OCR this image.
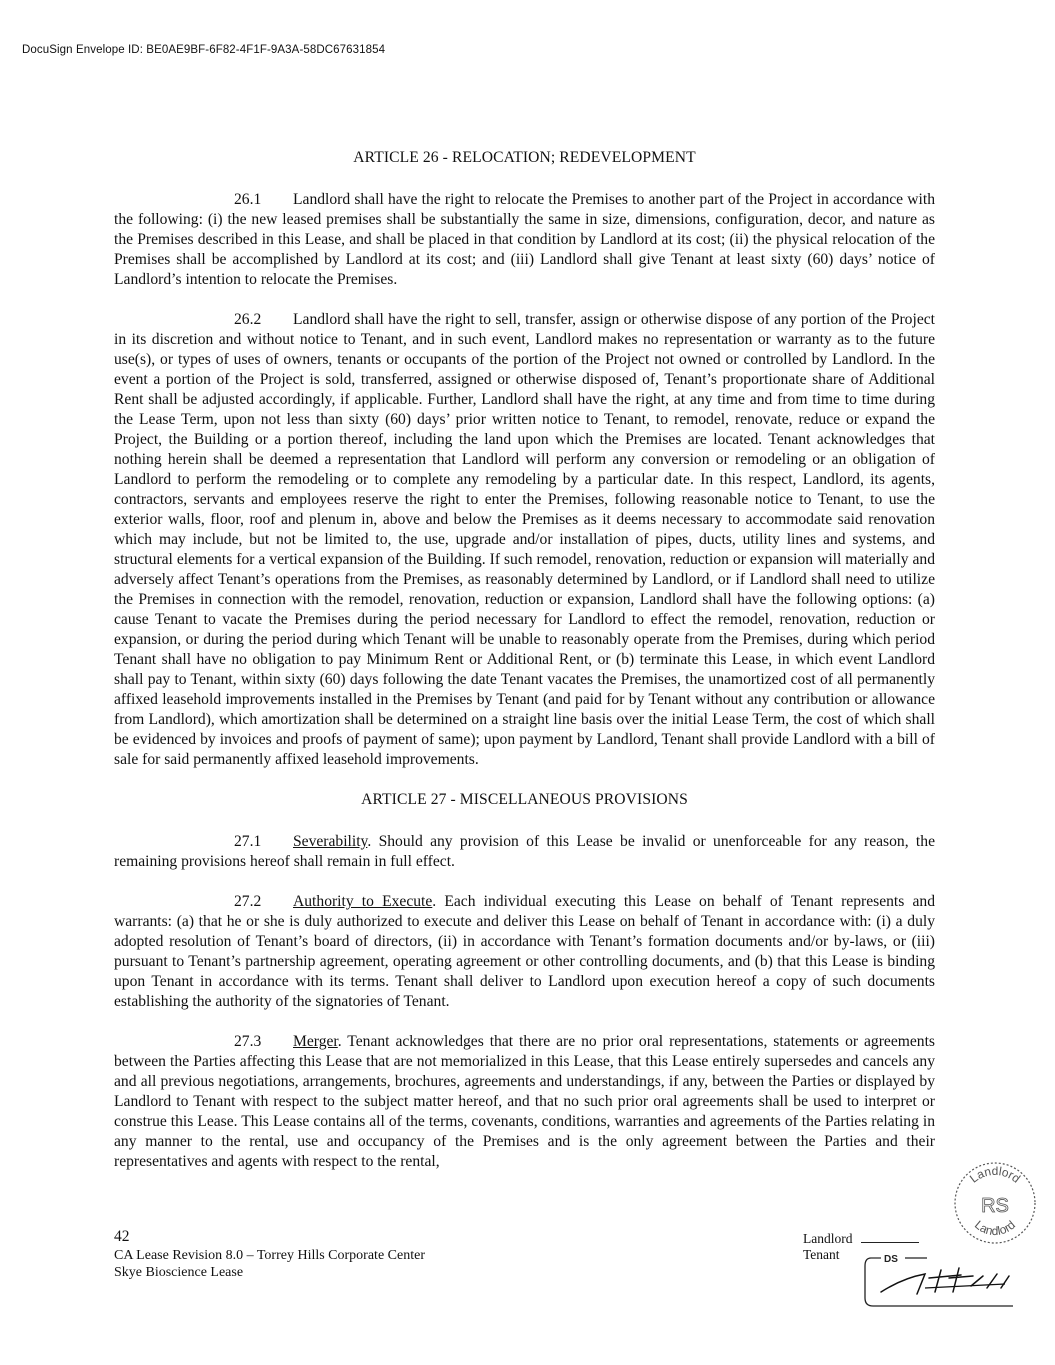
DocuSign Envelope ID: BE0AE9BF-6F82-4F1F-9A3A-58DC67631854
ARTICLE 26 - RELOCATION; REDEVELOPMENT

26.1 Landlord shall have the right to relocate the Premises to another part of the Project in accordance with the following: (i) the new leased premises shall be substantially the same in size, dimensions, configuration, decor, and nature as the Premises described in this Lease, and shall be placed in that condition by Landlord at its cost; (ii) the physical relocation of the Premises shall be accomplished by Landlord at its cost; and (iii) Landlord shall give Tenant at least sixty (60) days’ notice of Landlord’s intention to relocate the Premises.

26.2 Landlord shall have the right to sell, transfer, assign or otherwise dispose of any portion of the Project in its discretion and without notice to Tenant, and in such event, Landlord makes no representation or warranty as to the future use(s), or types of uses of owners, tenants or occupants of the portion of the Project not owned or controlled by Landlord. In the event a portion of the Project is sold, transferred, assigned or otherwise disposed of, Tenant’s proportionate share of Additional Rent shall be adjusted accordingly, if applicable. Further, Landlord shall have the right, at any time and from time to time during the Lease Term, upon not less than sixty (60) days’ prior written notice to Tenant, to remodel, renovate, reduce or expand the Project, the Building or a portion thereof, including the land upon which the Premises are located. Tenant acknowledges that nothing herein shall be deemed a representation that Landlord will perform any conversion or remodeling or an obligation of Landlord to perform the remodeling or to complete any remodeling by a particular date. In this respect, Landlord, its agents, contractors, servants and employees reserve the right to enter the Premises, following reasonable notice to Tenant, to use the exterior walls, floor, roof and plenum in, above and below the Premises as it deems necessary to accommodate said renovation which may include, but not be limited to, the use, upgrade and/or installation of pipes, ducts, utility lines and systems, and structural elements for a vertical expansion of the Building. If such remodel, renovation, reduction or expansion will materially and adversely affect Tenant’s operations from the Premises, as reasonably determined by Landlord, or if Landlord shall need to utilize the Premises in connection with the remodel, renovation, reduction or expansion, Landlord shall have the following options: (a) cause Tenant to vacate the Premises during the period necessary for Landlord to effect the remodel, renovation, reduction or expansion, or during the period during which Tenant will be unable to reasonably operate from the Premises, during which period Tenant shall have no obligation to pay Minimum Rent or Additional Rent, or (b) terminate this Lease, in which event Landlord shall pay to Tenant, within sixty (60) days following the date Tenant vacates the Premises, the unamortized cost of all permanently affixed leasehold improvements installed in the Premises by Tenant (and paid for by Tenant without any contribution or allowance from Landlord), which amortization shall be determined on a straight line basis over the initial Lease Term, the cost of which shall be evidenced by invoices and proofs of payment of same); upon payment by Landlord, Tenant shall provide Landlord with a bill of sale for said permanently affixed leasehold improvements.

ARTICLE 27 - MISCELLANEOUS PROVISIONS

27.1 Severability. Should any provision of this Lease be invalid or unenforceable for any reason, the remaining provisions hereof shall remain in full effect.

27.2 Authority to Execute. Each individual executing this Lease on behalf of Tenant represents and warrants: (a) that he or she is duly authorized to execute and deliver this Lease on behalf of Tenant in accordance with: (i) a duly adopted resolution of Tenant’s board of directors, (ii) in accordance with Tenant’s formation documents and/or by-laws, or (iii) pursuant to Tenant’s partnership agreement, operating agreement or other controlling documents, and (b) that this Lease is binding upon Tenant in accordance with its terms. Tenant shall deliver to Landlord upon execution hereof a copy of such documents establishing the authority of the signatories of Tenant.

27.3 Merger. Tenant acknowledges that there are no prior oral representations, statements or agreements between the Parties affecting this Lease that are not memorialized in this Lease, that this Lease entirely supersedes and cancels any and all previous negotiations, arrangements, brochures, agreements and understandings, if any, between the Parties or displayed by Landlord to Tenant with respect to the subject matter hereof, and that no such prior oral agreements shall be used to interpret or construe this Lease. This Lease contains all of the terms, covenants, conditions, warranties and agreements of the Parties relating in any manner to the rental, use and occupancy of the Premises and is the only agreement between the Parties and their representatives and agents with respect to the rental,

42
CA Lease Revision 8.0 – Torrey Hills Corporate Center
Skye Bioscience Lease
Landlord
Tenant
Landlord
RS
Landlord
DS
